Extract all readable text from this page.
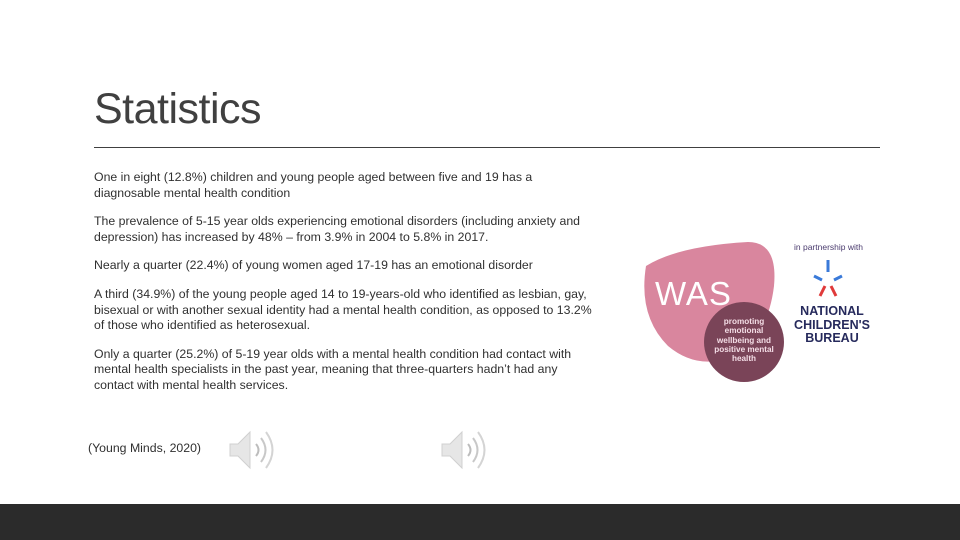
Statistics

One in eight (12.8%) children and young people aged between five and 19 has a diagnosable mental health condition

The prevalence of 5-15 year olds experiencing emotional disorders (including anxiety and depression) has increased by 48% – from 3.9% in 2004 to 5.8% in 2017.

Nearly a quarter (22.4%) of young women aged 17-19 has an emotional disorder

A third (34.9%) of the young people aged 14 to 19-years-old who identified as lesbian, gay, bisexual or with another sexual identity had a mental health condition, as opposed to 13.2% of those who identified as heterosexual.

Only a quarter (25.2%) of 5-19 year olds with a mental health condition had contact with mental health specialists in the past year, meaning that three-quarters hadn’t had any contact with mental health services.

(Young Minds, 2020)
WAS
promoting emotional wellbeing and positive mental health
in partnership with
NATIONAL CHILDREN'S BUREAU
